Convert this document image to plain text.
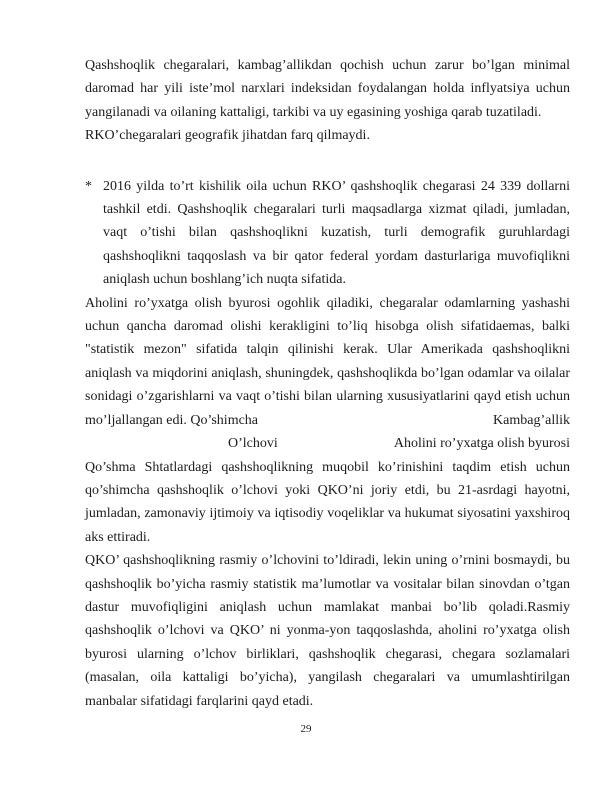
Qashshoqlik chegaralari, kambag’allikdan qochish uchun zarur bo’lgan minimal
daromad har yili iste’mol narxlari indeksidan foydalangan holda inflyatsiya uchun
yangilanadi va oilaning kattaligi, tarkibi va uy egasining yoshiga qarab tuzatiladi.
RKO’chegaralari geografik jihatdan farq qilmaydi.
* 2016 yilda to’rt kishilik oila uchun RKO’ qashshoqlik chegarasi 24 339 dollarni
tashkil etdi. Qashshoqlik chegaralari turli maqsadlarga xizmat qiladi, jumladan,
vaqt o’tishi bilan qashshoqlikni kuzatish, turli demografik guruhlardagi
qashshoqlikni taqqoslash va bir qator federal yordam dasturlariga muvofiqlikni
aniqlash uchun boshlang’ich nuqta sifatida.
Aholini ro’yxatga olish byurosi ogohlik qiladiki, chegaralar odamlarning yashashi
uchun qancha daromad olishi kerakligini to’liq hisobga olish sifatidaemas, balki
"statistik mezon" sifatida talqin qilinishi kerak. Ular Amerikada qashshoqlikni
aniqlash va miqdorini aniqlash, shuningdek, qashshoqlikda bo’lgan odamlar va oilalar
sonidagi o’zgarishlarni va vaqt o’tishi bilan ularning xususiyatlarini qayd etish uchun
mo’ljallangan edi. Qo’shimcha	Kambag’allik
O’lchovi	Aholini ro’yxatga olish byurosi
Qo’shma Shtatlardagi qashshoqlikning muqobil ko’rinishini taqdim etish uchun
qo’shimcha qashshoqlik o’lchovi yoki QKO’ni joriy etdi, bu 21-asrdagi hayotni,
jumladan, zamonaviy ijtimoiy va iqtisodiy voqeliklar va hukumat siyosatini yaxshiroq
aks ettiradi.
QKO’ qashshoqlikning rasmiy o’lchovini to’ldiradi, lekin uning o’rnini bosmaydi, bu
qashshoqlik bo’yicha rasmiy statistik ma’lumotlar va vositalar bilan sinovdan o’tgan
dastur muvofiqligini aniqlash uchun mamlakat manbai bo’lib qoladi.Rasmiy
qashshoqlik o’lchovi va QKO’ ni yonma-yon taqqoslashda, aholini ro’yxatga olish
byurosi ularning o’lchov birliklari, qashshoqlik chegarasi, chegara sozlamalari
(masalan, oila kattaligi bo’yicha), yangilash chegaralari va umumlashtirilgan
manbalar sifatidagi farqlarini qayd etadi.
29
